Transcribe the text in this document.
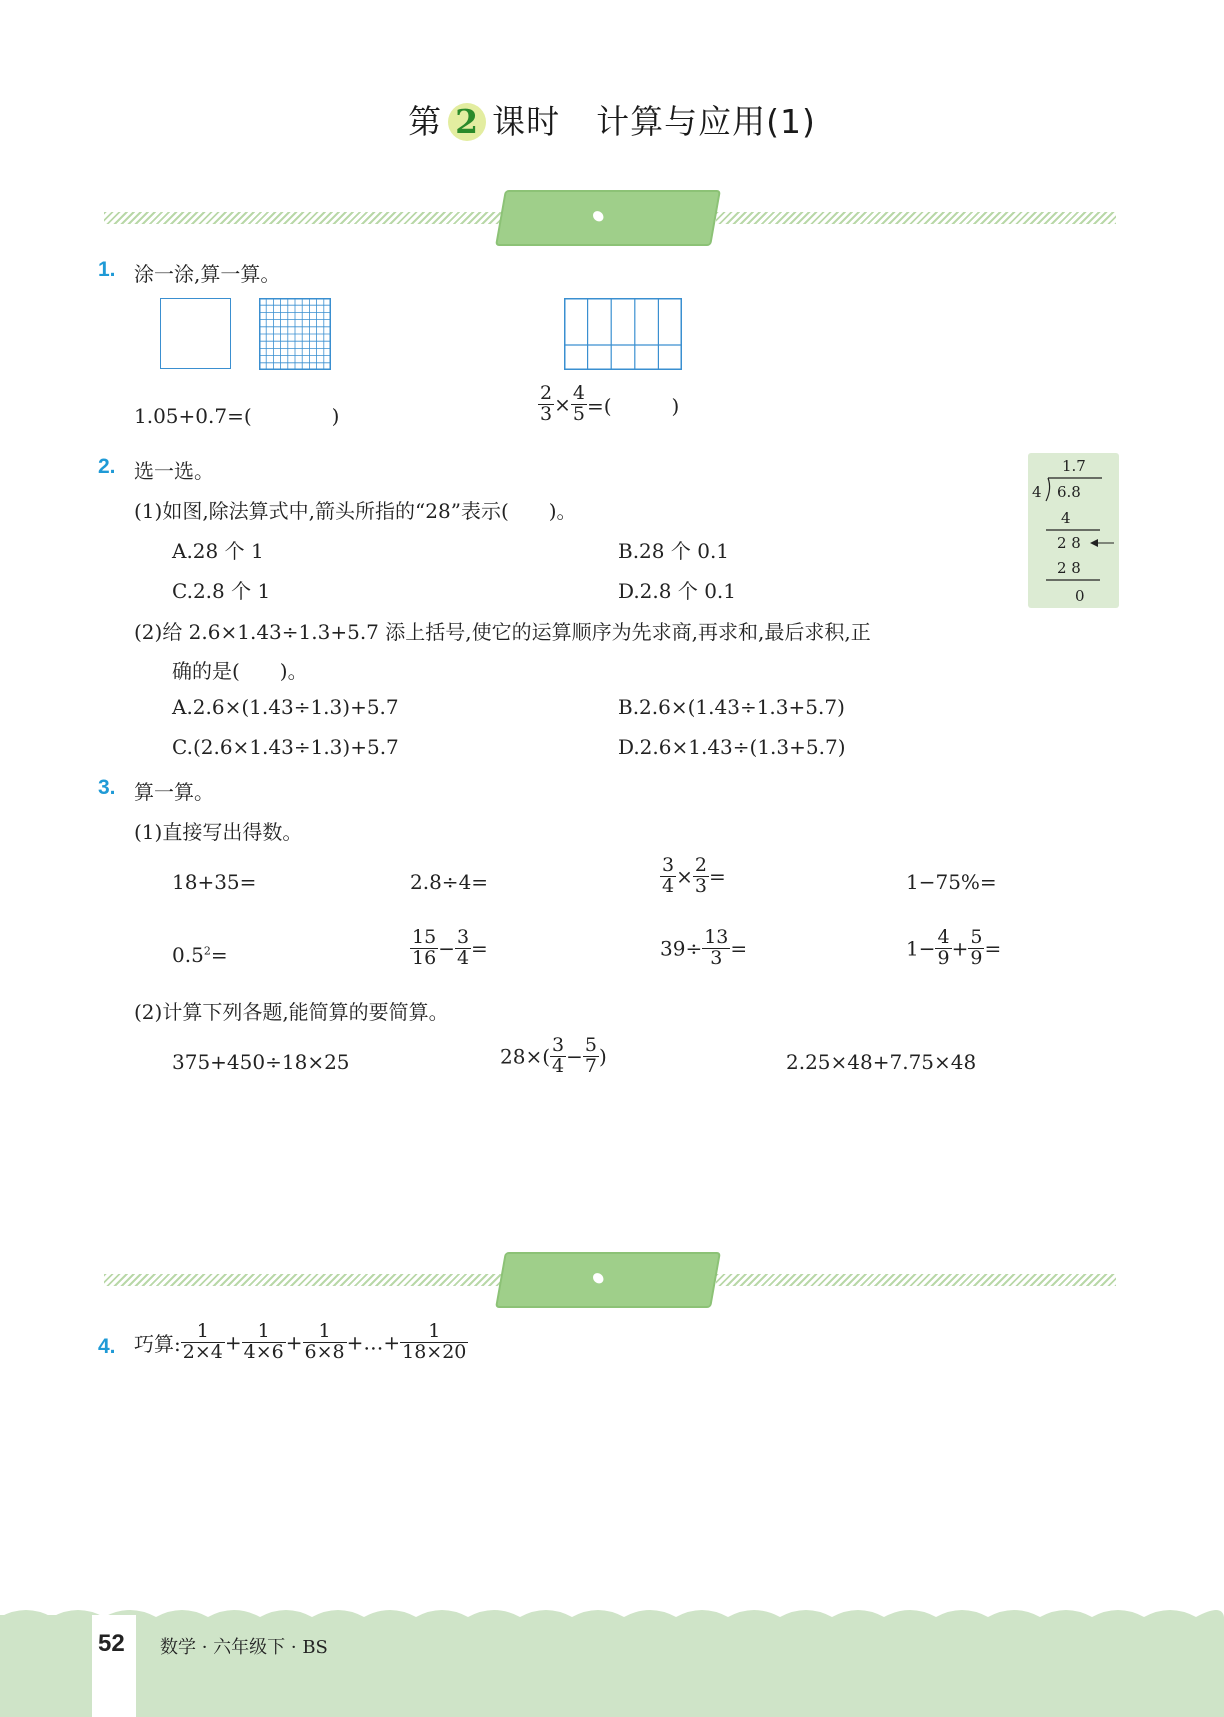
第 2 课时 计算与应用(1)
•
基础广场
•
1. 涂一涂,算一算。
1.05+0.7=(　　　　)	$\frac{2}{3} \times \frac{4}{5}$ =(　　　)
2. 选一选。
(1)如图,除法算式中,箭头所指的“28”表示(　　)。
A.28 个 1	B.28 个 0.1
C.2.8 个 1	D.2.8 个 0.1
1.7
4 6.8
4
2 8
2 8
0
(2)给 2.6×1.43÷1.3+5.7 添上括号,使它的运算顺序为先求商,再求和,最后求积,正
确的是(　　)。
A.2.6×(1.43÷1.3)+5.7	B.2.6×(1.43÷1.3+5.7)
C.(2.6×1.43÷1.3)+5.7	D.2.6×1.43÷(1.3+5.7)
3. 算一算。
(1)直接写出得数。
18+35=	2.8÷4=	$\frac{3}{4} \times \frac{2}{3}$ =	1−75%=
$0.5^2=$	$\frac{15}{16} - \frac{3}{4}$ =	$39\div \frac{13}{3}$ =	$1- \frac{4}{9} + \frac{5}{9}$ =
(2)计算下列各题,能简算的要简算。
375+450÷18×25	$28\times( \frac{3}{4} - \frac{5}{7}$ )	2.25×48+7.75×48
•
探究乐园
•
4. 巧算: $\frac{1}{2\times 4} + \frac{1}{4\times 6} + \frac{1}{6\times 8}$ +…+ $\frac{1}{18\times 20}$
52 数学 · 六年级下 · BS
